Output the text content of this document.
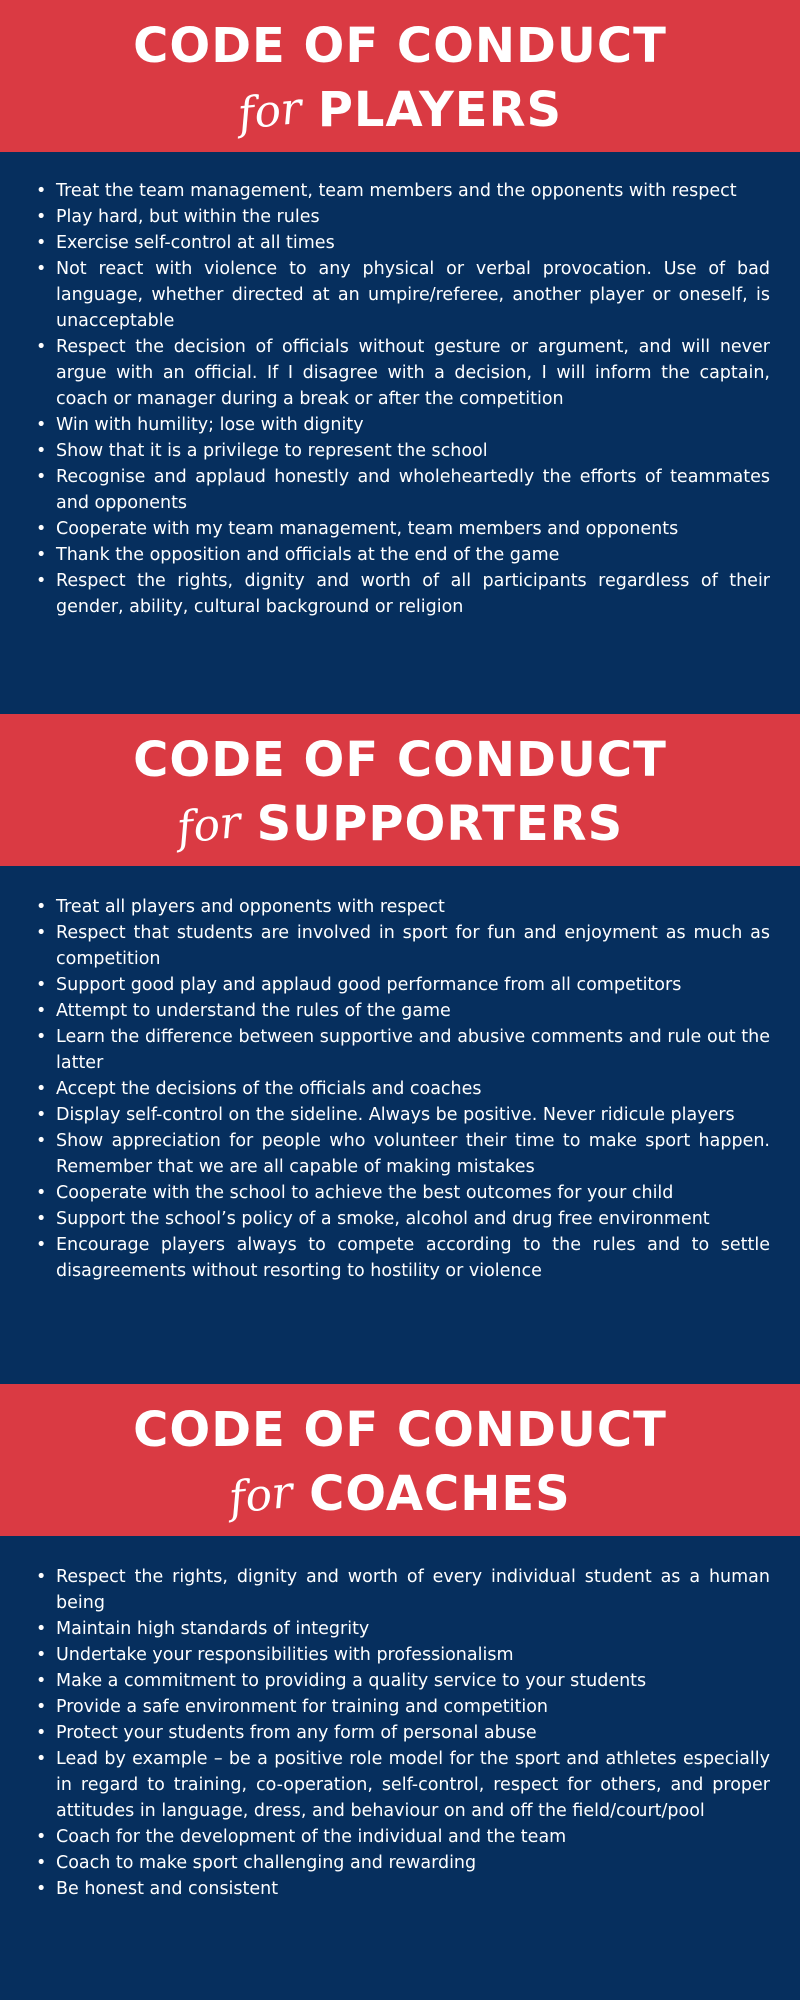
CODE OF CONDUCT
for PLAYERS
• Treat the team management, team members and the opponents with respect
• Play hard, but within the rules
• Exercise self-control at all times
• Not react with violence to any physical or verbal provocation. Use of bad language, whether directed at an umpire/referee, another player or oneself, is unacceptable
• Respect the decision of officials without gesture or argument, and will never argue with an official. If I disagree with a decision, I will inform the captain, coach or manager during a break or after the competition
• Win with humility; lose with dignity
• Show that it is a privilege to represent the school
• Recognise and applaud honestly and wholeheartedly the efforts of teammates and opponents
• Cooperate with my team management, team members and opponents
• Thank the opposition and officials at the end of the game
• Respect the rights, dignity and worth of all participants regardless of their gender, ability, cultural background or religion
CODE OF CONDUCT
for SUPPORTERS
• Treat all players and opponents with respect
• Respect that students are involved in sport for fun and enjoyment as much as competition
• Support good play and applaud good performance from all competitors
• Attempt to understand the rules of the game
• Learn the difference between supportive and abusive comments and rule out the latter
• Accept the decisions of the officials and coaches
• Display self-control on the sideline. Always be positive. Never ridicule players
• Show appreciation for people who volunteer their time to make sport happen. Remember that we are all capable of making mistakes
• Cooperate with the school to achieve the best outcomes for your child
• Support the school’s policy of a smoke, alcohol and drug free environment
• Encourage players always to compete according to the rules and to settle disagreements without resorting to hostility or violence
CODE OF CONDUCT
for COACHES
• Respect the rights, dignity and worth of every individual student as a human being
• Maintain high standards of integrity
• Undertake your responsibilities with professionalism
• Make a commitment to providing a quality service to your students
• Provide a safe environment for training and competition
• Protect your students from any form of personal abuse
• Lead by example – be a positive role model for the sport and athletes especially in regard to training, co-operation, self-control, respect for others, and proper attitudes in language, dress, and behaviour on and off the field/court/pool
• Coach for the development of the individual and the team
• Coach to make sport challenging and rewarding
• Be honest and consistent
